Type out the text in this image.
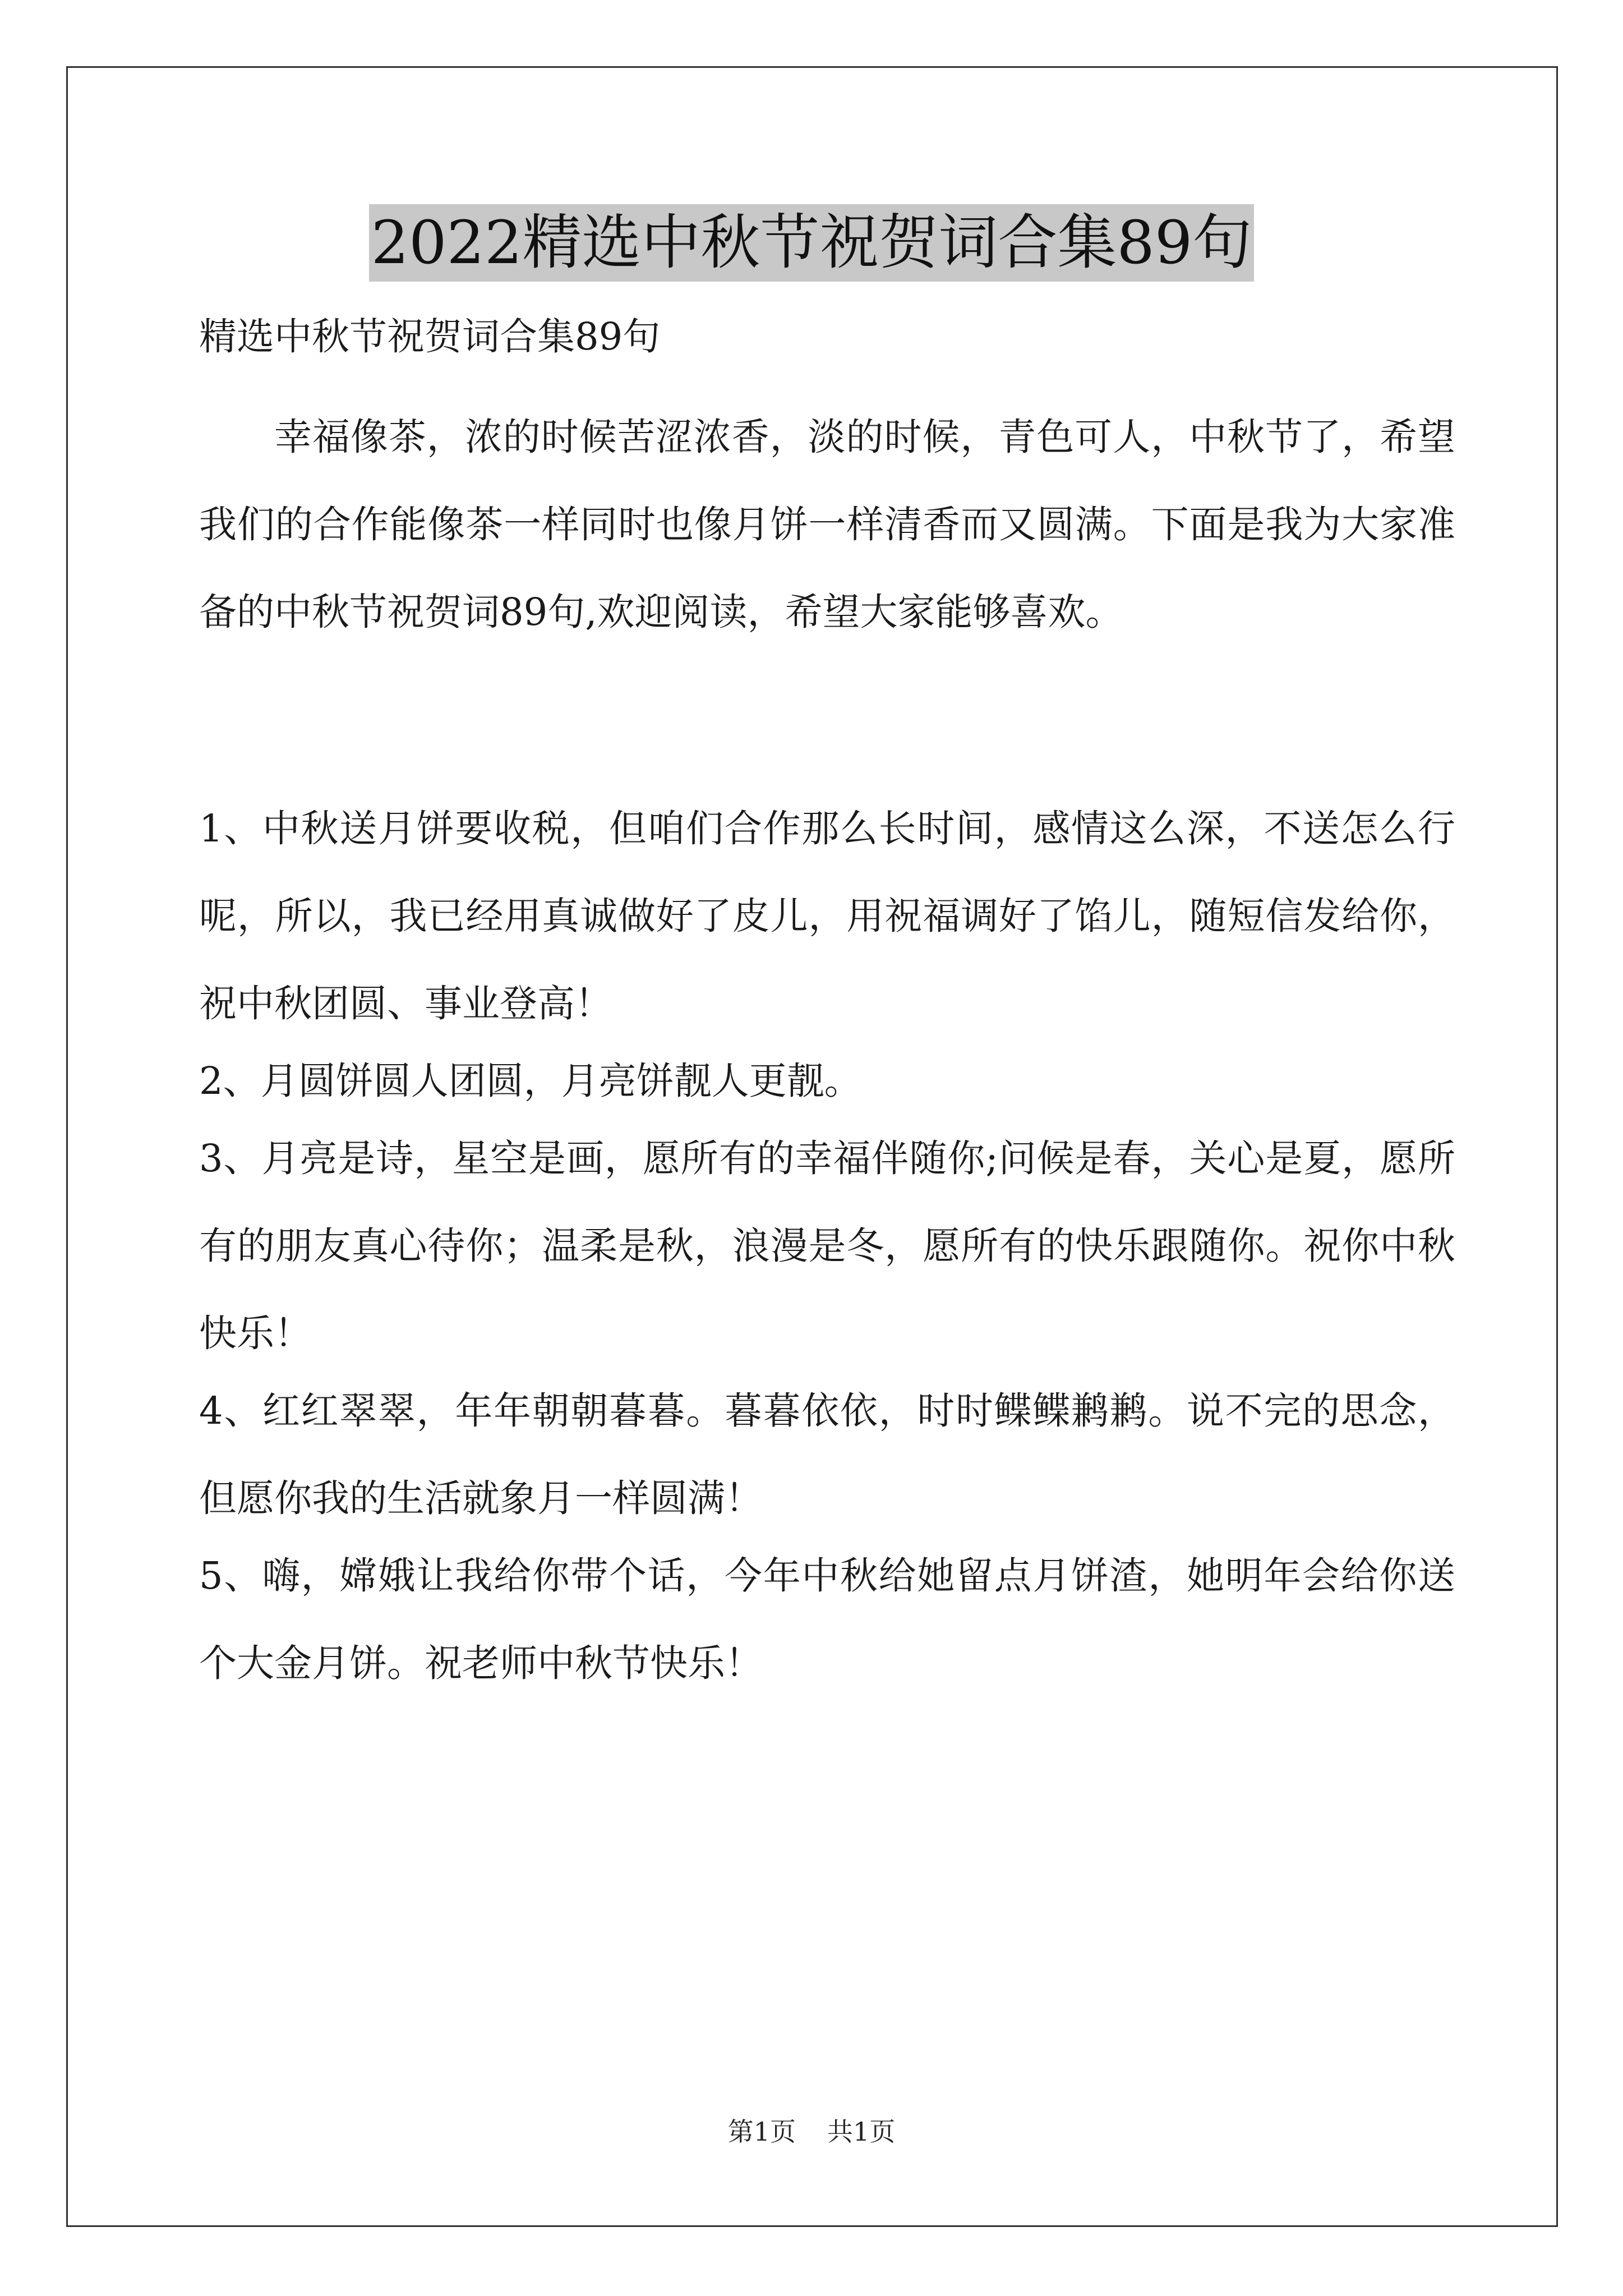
2022精选中秋节祝贺词合集89句

精选中秋节祝贺词合集89句

幸福像茶，浓的时候苦涩浓香，淡的时候，青色可人，中秋节了，希望我们的合作能像茶一样同时也像月饼一样清香而又圆满。下面是我为大家准备的中秋节祝贺词89句,欢迎阅读，希望大家能够喜欢。

1、中秋送月饼要收税，但咱们合作那么长时间，感情这么深，不送怎么行呢，所以，我已经用真诚做好了皮儿，用祝福调好了馅儿，随短信发给你，祝中秋团圆、事业登高！

2、月圆饼圆人团圆，月亮饼靓人更靓。

3、月亮是诗，星空是画，愿所有的幸福伴随你;问候是春，关心是夏，愿所有的朋友真心待你；温柔是秋，浪漫是冬，愿所有的快乐跟随你。祝你中秋快乐！

4、红红翠翠，年年朝朝暮暮。暮暮依依，时时鲽鲽鹣鹣。说不完的思念，但愿你我的生活就象月一样圆满！

5、嗨，嫦娥让我给你带个话，今年中秋给她留点月饼渣，她明年会给你送个大金月饼。祝老师中秋节快乐！

第1页 共1页
